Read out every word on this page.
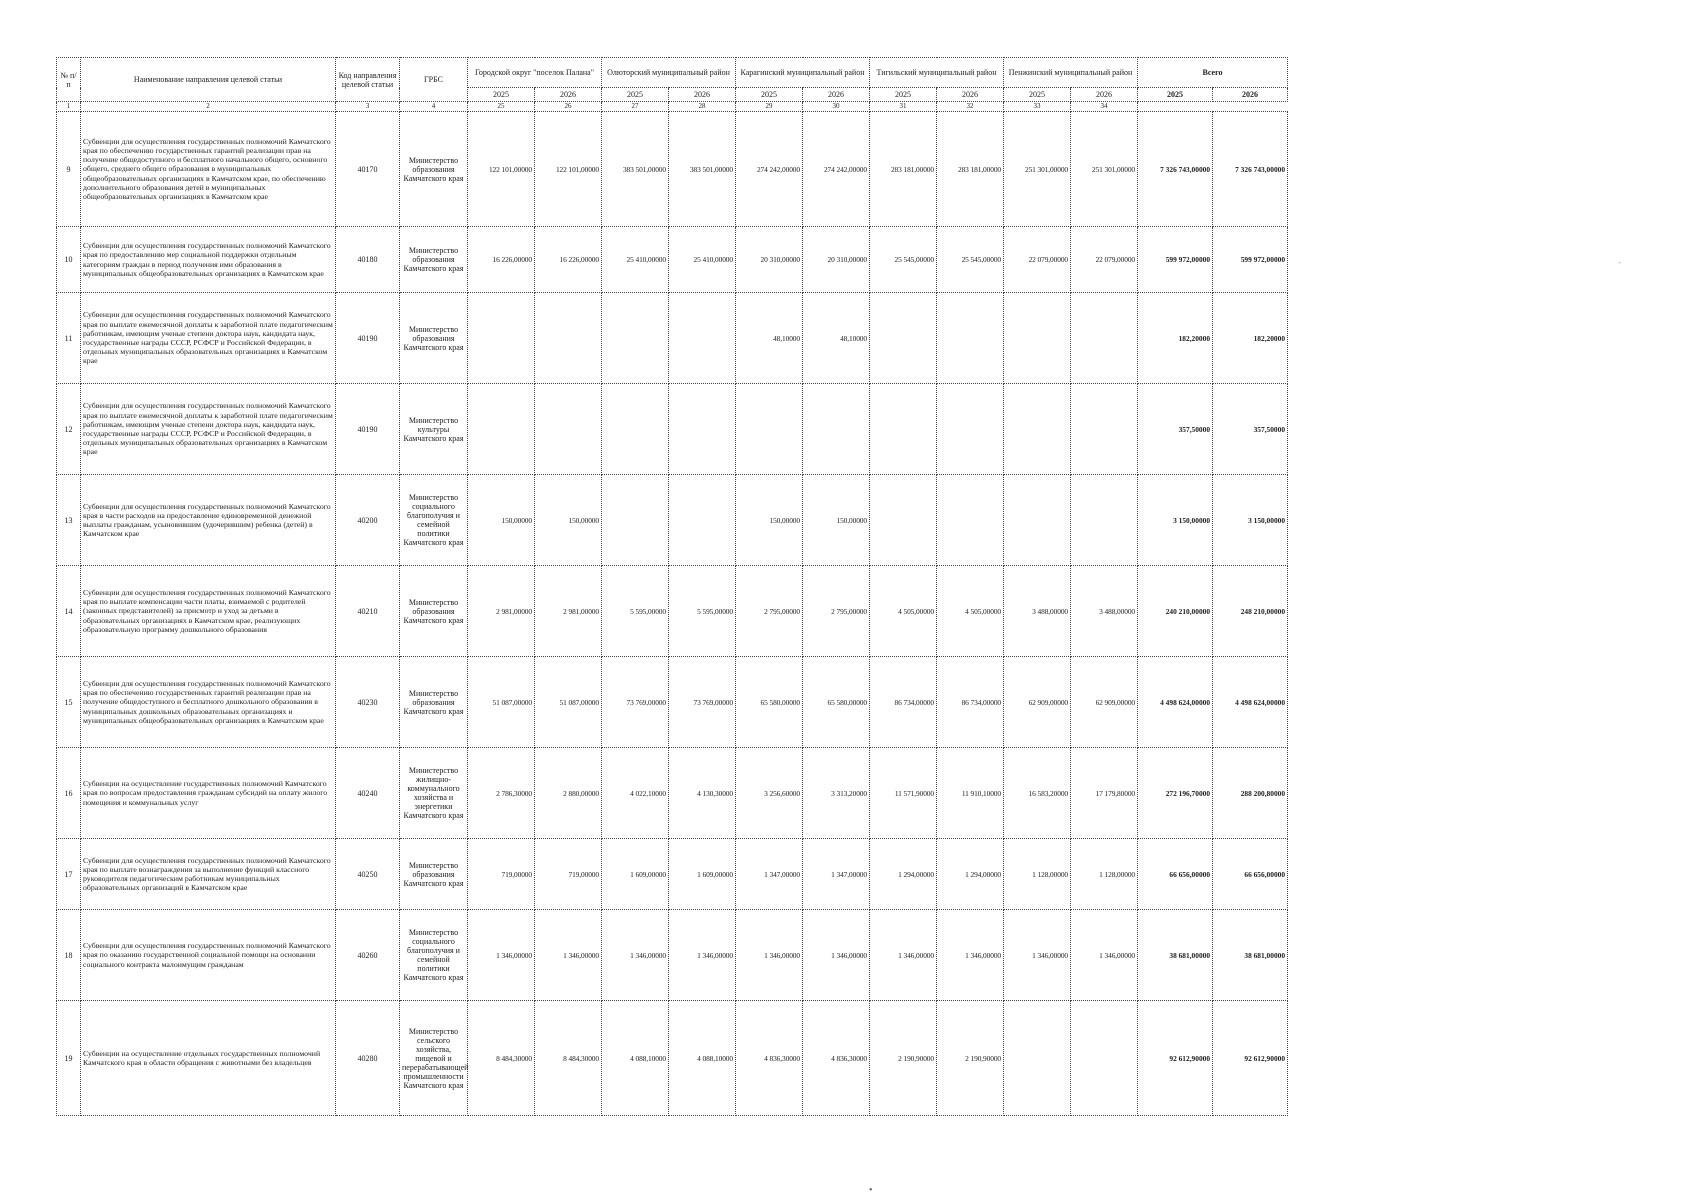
№ п/п	Наименование направления целевой статьи	Код направления целевой статьи	ГРБС	Городской округ "поселок Палана"		Олюторский муниципальный район		Карагинский муниципальный район		Тигильский муниципальный район		Пенжинский муниципальный район		Всего	
				2025	2026	2025	2026	2025	2026	2025	2026	2025	2026	2025	2026
1	2	3	4	25	26	27	28	29	30	31	32	33	34		
9	Субвенции для осуществления государственных полномочий Камчатского края по обеспечению государственных гарантий реализации прав на получение общедоступного и бесплатного начального общего, основного общего, среднего общего образования в муниципальных общеобразовательных организациях в Камчатском крае, по обеспечению дополнительного образования детей в муниципальных общеобразовательных организациях в Камчатском крае	40170	Министерство образования Камчатского края	122 101,00000	122 101,00000	383 501,00000	383 501,00000	274 242,00000	274 242,00000	283 181,00000	283 181,00000	251 301,00000	251 301,00000	7 326 743,00000	7 326 743,00000
10	Субвенции для осуществления государственных полномочий Камчатского края по предоставлению мер социальной поддержки отдельным категориям граждан в период получения ими образования в муниципальных общеобразовательных организациях в Камчатском крае	40180	Министерство образования Камчатского края	16 226,00000	16 226,00000	25 410,00000	25 410,00000	20 310,00000	20 310,00000	25 545,00000	25 545,00000	22 079,00000	22 079,00000	599 972,00000	599 972,00000
11	Субвенции для осуществления государственных полномочий Камчатского края по выплате ежемесячной доплаты к заработной плате педагогическим работникам, имеющим ученые степени доктора наук, кандидата наук, государственные награды СССР, РСФСР и Российской Федерации, в отдельных муниципальных образовательных организациях в Камчатском крае	40190	Министерство образования Камчатского края					48,10000	48,10000					182,20000	182,20000
12	Субвенции для осуществления государственных полномочий Камчатского края по выплате ежемесячной доплаты к заработной плате педагогическим работникам, имеющим ученые степени доктора наук, кандидата наук, государственные награды СССР, РСФСР и Российской Федерации, в отдельных муниципальных образовательных организациях в Камчатском крае	40190	Министерство культуры Камчатского края											357,50000	357,50000
13	Субвенции для осуществления государственных полномочий Камчатского края в части расходов на предоставление единовременной денежной выплаты гражданам, усыновившим (удочерившим) ребенка (детей) в Камчатском крае	40200	Министерство социального благополучия и семейной политики Камчатского края	150,00000	150,00000			150,00000	150,00000					3 150,00000	3 150,00000
14	Субвенции для осуществления государственных полномочий Камчатского края по выплате компенсации части платы, взимаемой с родителей (законных представителей) за присмотр и уход за детьми в образовательных организациях в Камчатском крае, реализующих образовательную программу дошкольного образования	40210	Министерство образования Камчатского края	2 981,00000	2 981,00000	5 595,00000	5 595,00000	2 795,00000	2 795,00000	4 505,00000	4 505,00000	3 488,00000	3 488,00000	240 210,00000	248 210,00000
15	Субвенции для осуществления государственных полномочий Камчатского края по обеспечению государственных гарантий реализации прав на получение общедоступного и бесплатного дошкольного образования в муниципальных дошкольных образовательных организациях и муниципальных общеобразовательных организациях в Камчатском крае	40230	Министерство образования Камчатского края	51 087,00000	51 087,00000	73 769,00000	73 769,00000	65 580,00000	65 580,00000	86 734,00000	86 734,00000	62 909,00000	62 909,00000	4 498 624,00000	4 498 624,00000
16	Субвенции на осуществление государственных полномочий Камчатского края по вопросам предоставления гражданам субсидий на оплату жилого помещения и коммунальных услуг	40240	Министерство жилищно-коммунального хозяйства и энергетики Камчатского края	2 786,30000	2 880,00000	4 022,10000	4 130,30000	3 256,60000	3 313,20000	11 571,90000	11 910,10000	16 583,20000	17 179,80000	272 196,70000	288 200,80000
17	Субвенции для осуществления государственных полномочий Камчатского края по выплате вознаграждения за выполнение функций классного руководителя педагогическим работникам муниципальных образовательных организаций в Камчатском крае	40250	Министерство образования Камчатского края	719,00000	719,00000	1 609,00000	1 609,00000	1 347,00000	1 347,00000	1 294,00000	1 294,00000	1 128,00000	1 128,00000	66 656,00000	66 656,00000
18	Субвенции для осуществления государственных полномочий Камчатского края по оказанию государственной социальной помощи на основании социального контракта малоимущим гражданам	40260	Министерство социального благополучия и семейной политики Камчатского края	1 346,00000	1 346,00000	1 346,00000	1 346,00000	1 346,00000	1 346,00000	1 346,00000	1 346,00000	1 346,00000	1 346,00000	38 681,00000	38 681,00000
19	Субвенции на осуществление отдельных государственных полномочий Камчатского края в области обращения с животными без владельцев	40280	Министерство сельского хозяйства, пищевой и перерабатывающей промышленности Камчатского края	8 484,30000	8 484,30000	4 088,10000	4 088,10000	4 836,30000	4 836,30000	2 190,90000	2 190,90000			92 612,90000	92 612,90000
•
-
